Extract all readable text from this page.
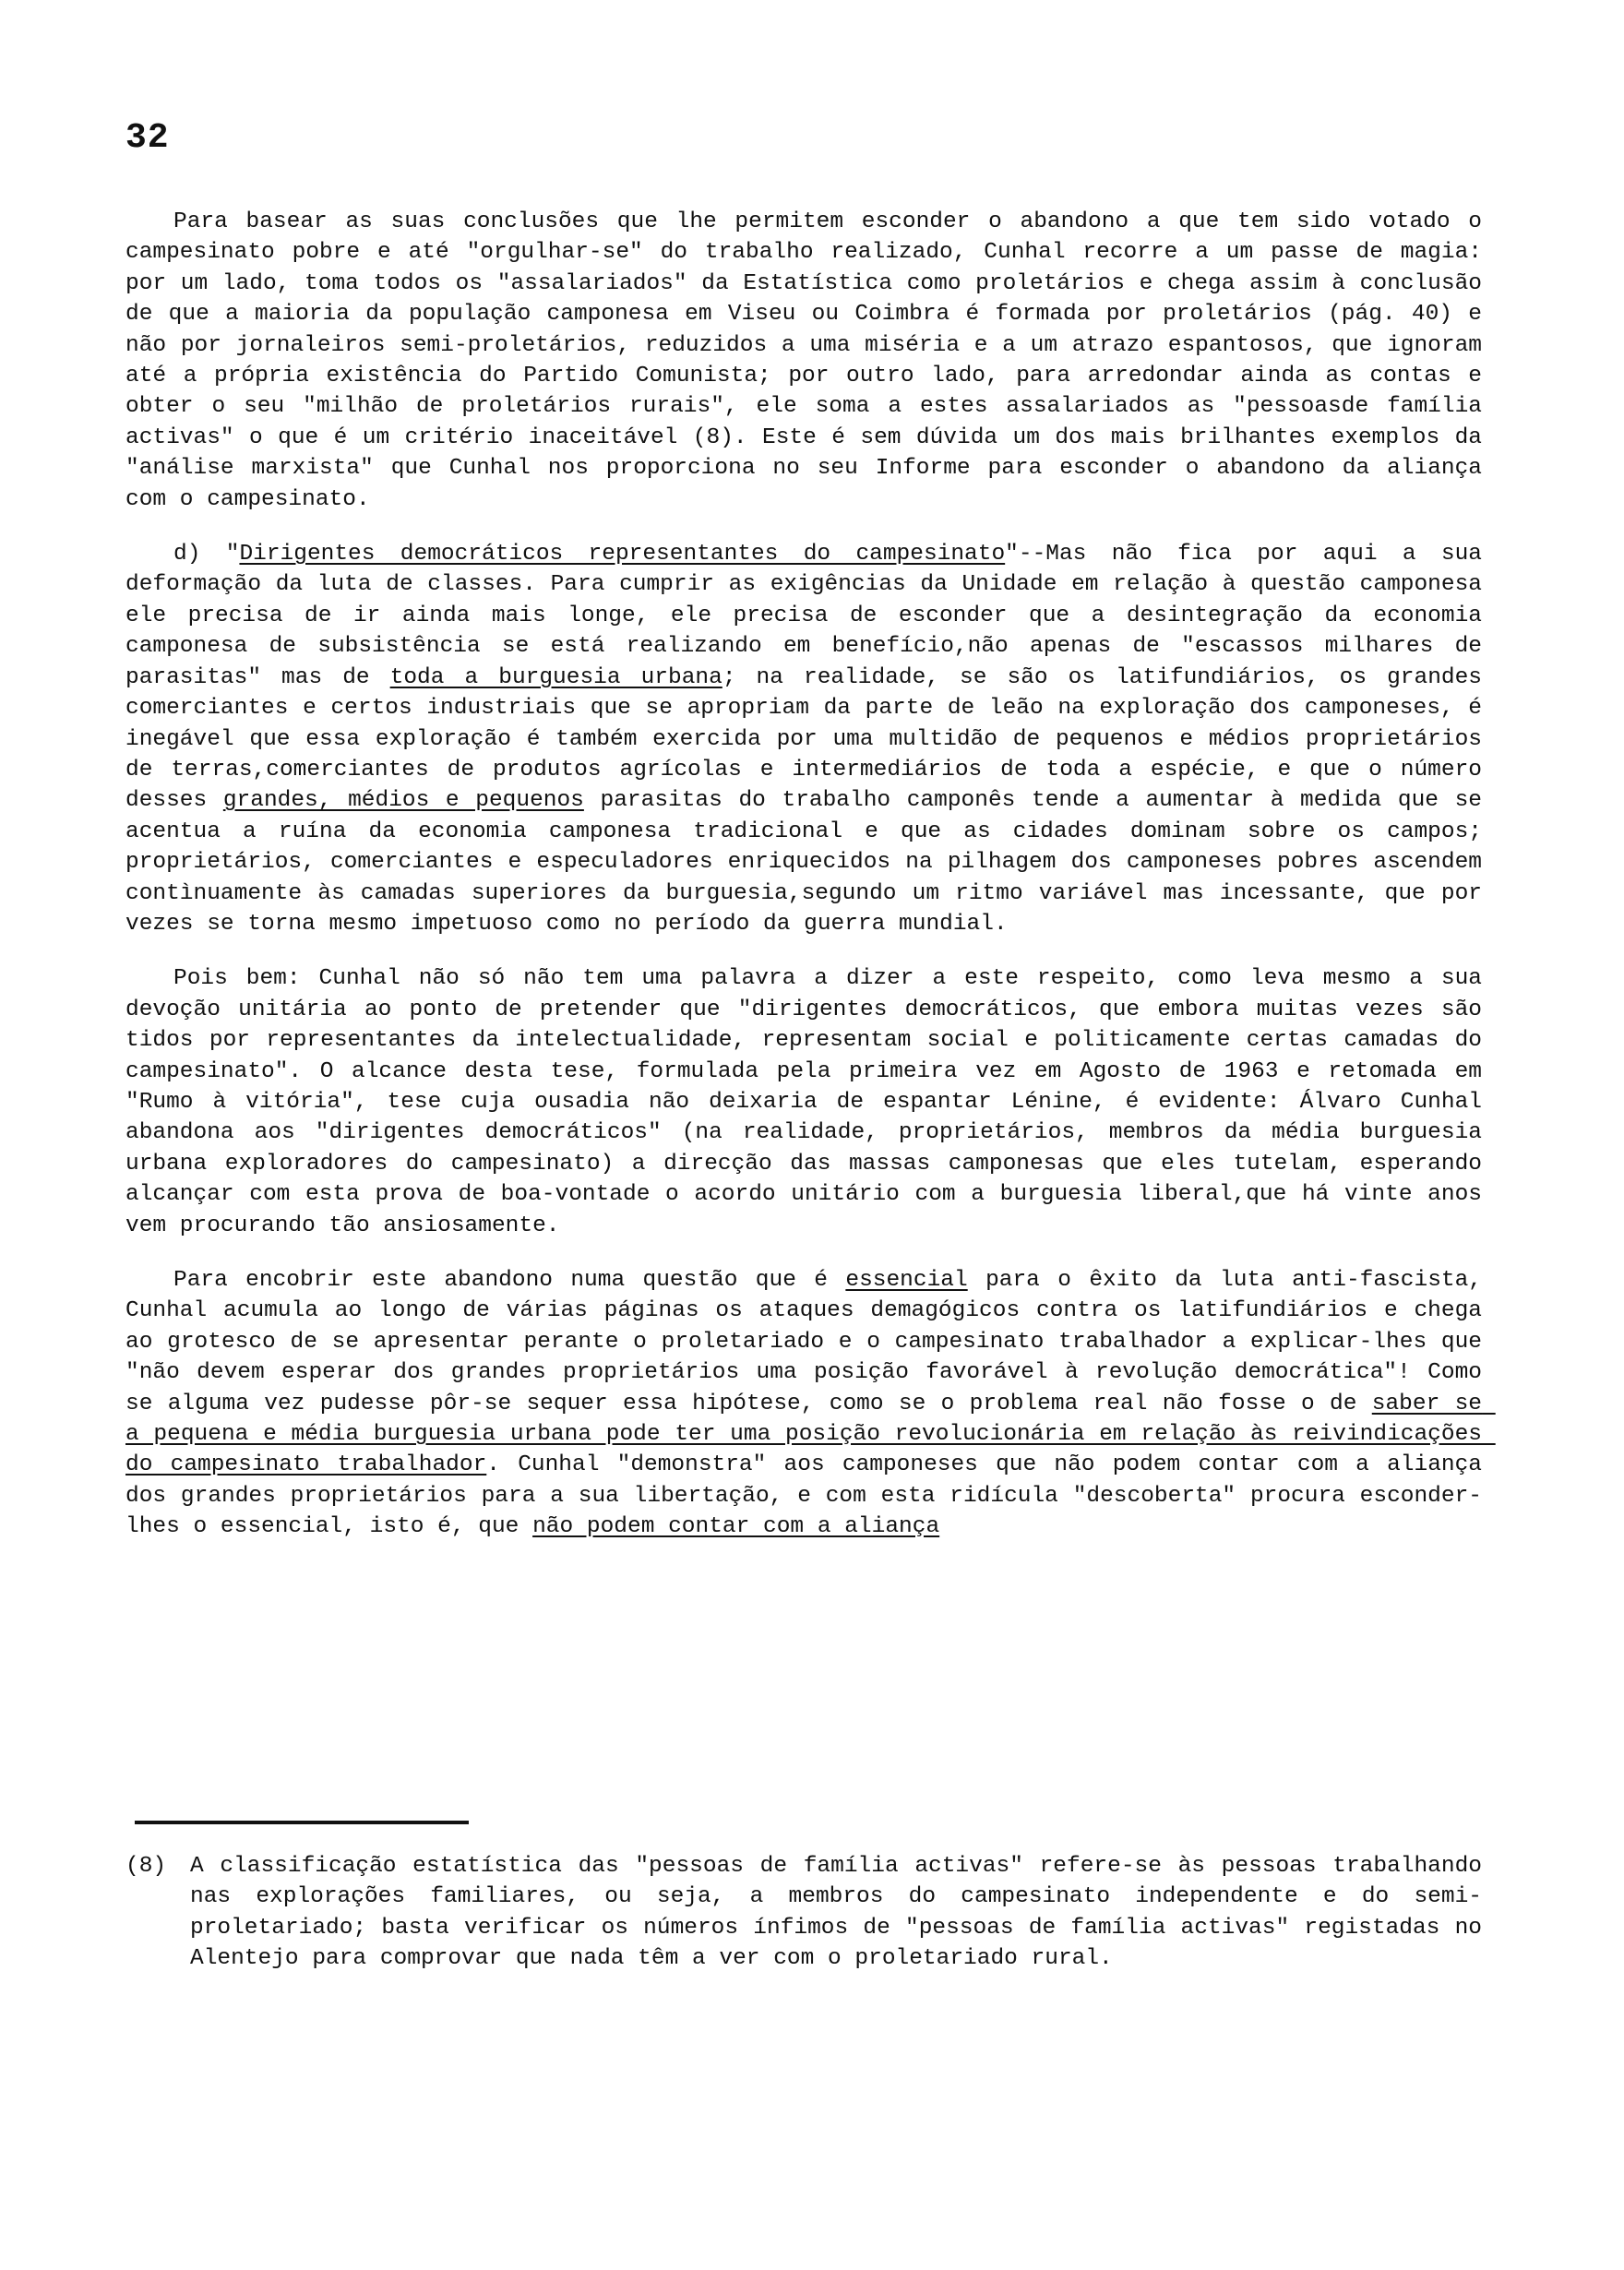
32

Para basear as suas conclusões que lhe permitem esconder o abandono a que tem sido votado o campesinato pobre e até "orgulhar-se" do trabalho realizado, Cunhal recorre a um passe de magia: por um lado, toma todos os "assalariados" da Estatística como proletários e chega assim à conclusão de que a maioria da população camponesa em Viseu ou Coimbra é formada por proletários (pág. 40) e não por jornaleiros semi-proletários, reduzidos a uma miséria e a um atrazo espantosos, que ignoram até a própria existência do Partido Comunista; por outro lado, para arredondar ainda as contas e obter o seu "milhão de proletários rurais", ele soma a estes assalariados as "pessoasde família activas" o que é um critério inaceitável (8). Este é sem dúvida um dos mais brilhantes exemplos da "análise marxista" que Cunhal nos proporciona no seu Informe para esconder o abandono da aliança com o campesinato.

d) "Dirigentes democráticos representantes do campesinato"--Mas não fica por aqui a sua deformação da luta de classes. Para cumprir as exigências da Unidade em relação à questão camponesa ele precisa de ir ainda mais longe, ele precisa de esconder que a desintegração da economia camponesa de subsistência se está realizando em benefício,não apenas de "escassos milhares de parasitas" mas de toda a burguesia urbana; na realidade, se são os latifundiários, os grandes comerciantes e certos industriais que se apropriam da parte de leão na exploração dos camponeses, é inegável que essa exploração é também exercida por uma multidão de pequenos e médios proprietários de terras,comerciantes de produtos agrícolas e intermediários de toda a espécie, e que o número desses grandes, médios e pequenos parasitas do trabalho camponês tende a aumentar à medida que se acentua a ruína da economia camponesa tradicional e que as cidades dominam sobre os campos; proprietários, comerciantes e especuladores enriquecidos na pilhagem dos camponeses pobres ascendem contìnuamente às camadas superiores da burguesia,segundo um ritmo variável mas incessante, que por vezes se torna mesmo impetuoso como no período da guerra mundial.

Pois bem: Cunhal não só não tem uma palavra a dizer a este respeito, como leva mesmo a sua devoção unitária ao ponto de pretender que "dirigentes democráticos, que embora muitas vezes são tidos por representantes da intelectualidade, representam social e politicamente certas camadas do campesinato". O alcance desta tese, formulada pela primeira vez em Agosto de 1963 e retomada em "Rumo à vitória", tese cuja ousadia não deixaria de espantar Lénine, é evidente: Álvaro Cunhal abandona aos "dirigentes democráticos" (na realidade, proprietários, membros da média burguesia urbana exploradores do campesinato) a direcção das massas camponesas que eles tutelam, esperando alcançar com esta prova de boa-vontade o acordo unitário com a burguesia liberal,que há vinte anos vem procurando tão ansiosamente.

Para encobrir este abandono numa questão que é essencial para o êxito da luta anti-fascista, Cunhal acumula ao longo de várias páginas os ataques demagógicos contra os latifundiários e chega ao grotesco de se apresentar perante o proletariado e o campesinato trabalhador a explicar-lhes que "não devem esperar dos grandes proprietários uma posição favorável à revolução democrática"! Como se alguma vez pudesse pôr-se sequer essa hipótese, como se o problema real não fosse o de saber se a pequena e média burguesia urbana pode ter uma posição revolucionária em relação às reivindicações do campesinato trabalhador. Cunhal "demonstra" aos camponeses que não podem contar com a aliança dos grandes proprietários para a sua libertação, e com esta ridícula "descoberta" procura esconder-lhes o essencial, isto é, que não podem contar com a aliança

(8)	A classificação estatística das "pessoas de família activas" refere-se às pessoas trabalhando nas explorações familiares, ou seja, a membros do campesinato independente e do semi-proletariado; basta verificar os números ínfimos de "pessoas de família activas" registadas no Alentejo para comprovar que nada têm a ver com o proletariado rural.
